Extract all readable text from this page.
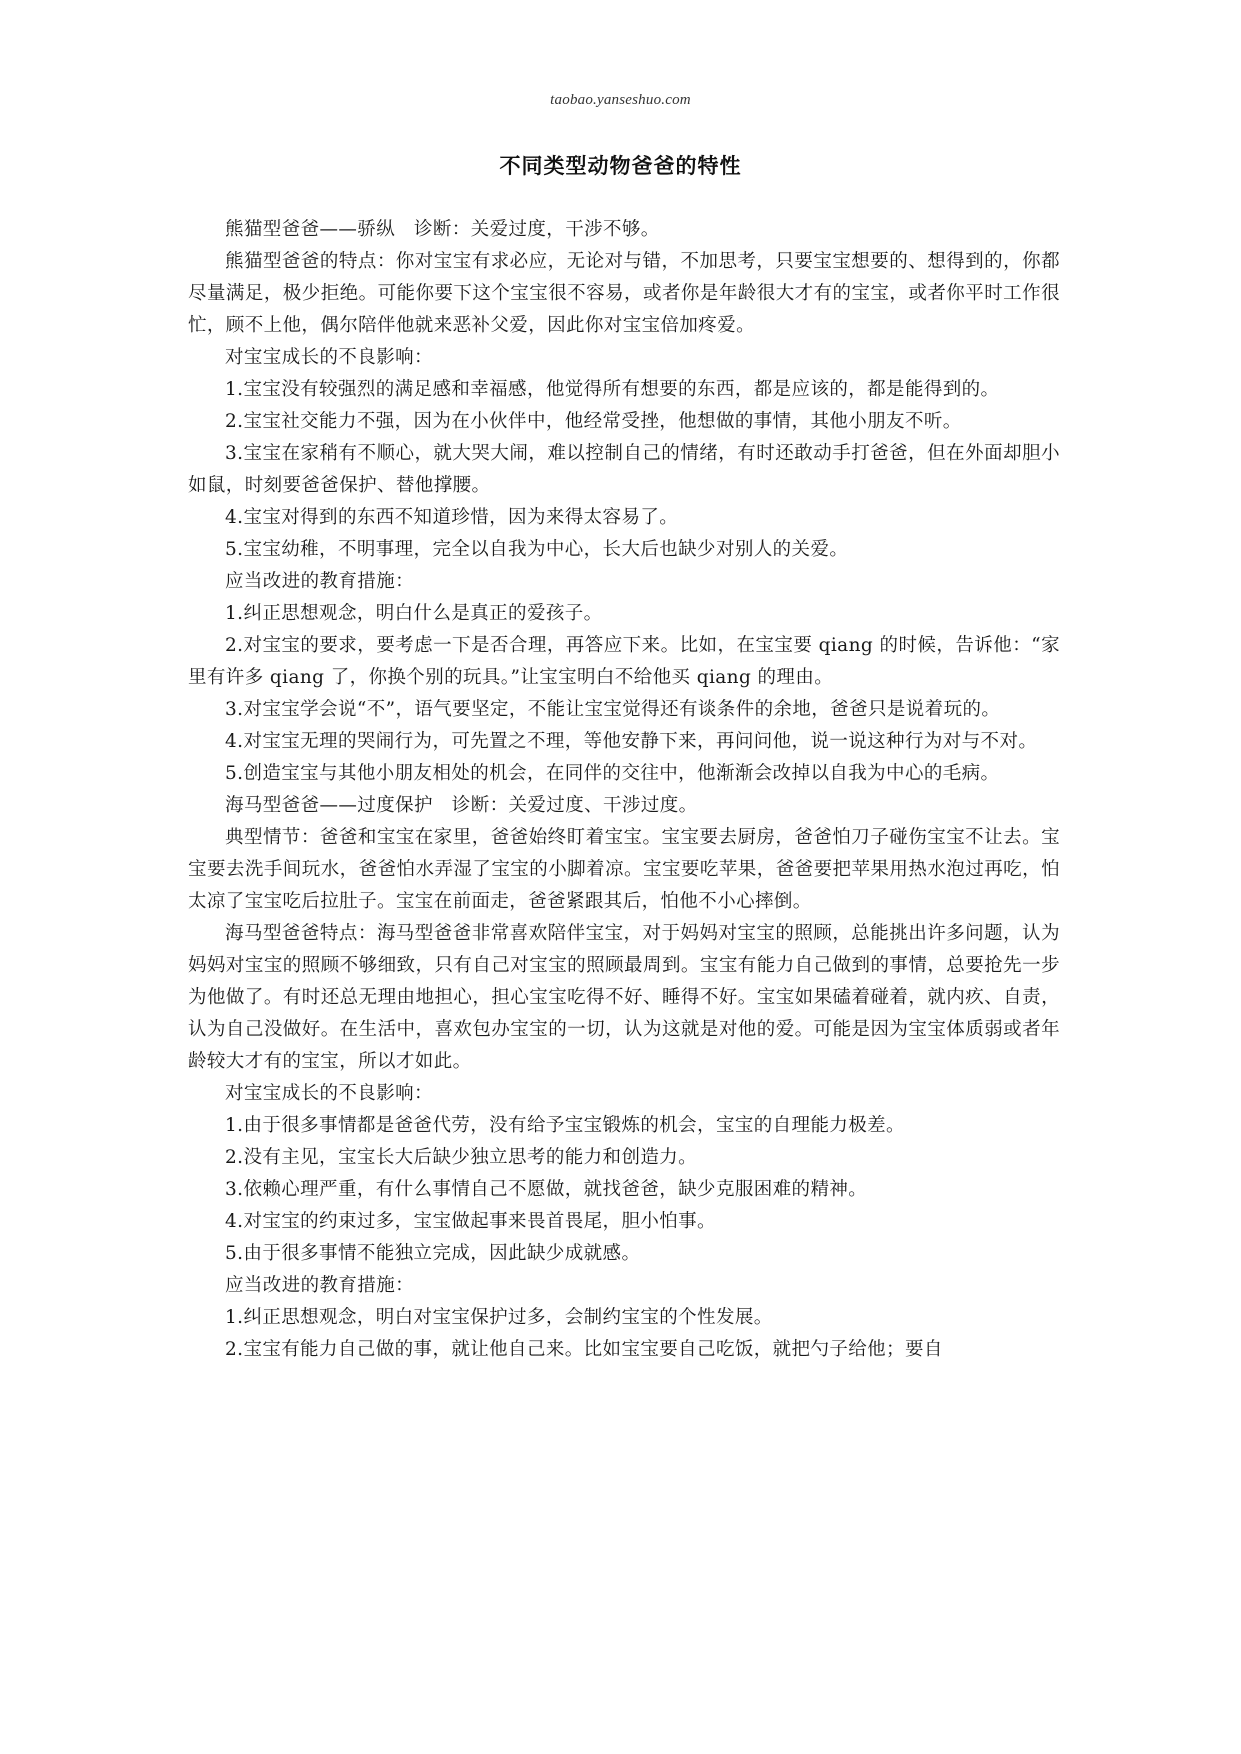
taobao.yanseshuo.com
不同类型动物爸爸的特性

熊猫型爸爸——骄纵　诊断：关爱过度，干涉不够。

熊猫型爸爸的特点：你对宝宝有求必应，无论对与错，不加思考，只要宝宝想要的、想得到的，你都尽量满足，极少拒绝。可能你要下这个宝宝很不容易，或者你是年龄很大才有的宝宝，或者你平时工作很忙，顾不上他，偶尔陪伴他就来恶补父爱，因此你对宝宝倍加疼爱。

对宝宝成长的不良影响：

1.宝宝没有较强烈的满足感和幸福感，他觉得所有想要的东西，都是应该的，都是能得到的。

2.宝宝社交能力不强，因为在小伙伴中，他经常受挫，他想做的事情，其他小朋友不听。

3.宝宝在家稍有不顺心，就大哭大闹，难以控制自己的情绪，有时还敢动手打爸爸，但在外面却胆小如鼠，时刻要爸爸保护、替他撑腰。

4.宝宝对得到的东西不知道珍惜，因为来得太容易了。

5.宝宝幼稚，不明事理，完全以自我为中心，长大后也缺少对别人的关爱。

应当改进的教育措施：

1.纠正思想观念，明白什么是真正的爱孩子。

2.对宝宝的要求，要考虑一下是否合理，再答应下来。比如，在宝宝要 qiang 的时候，告诉他：“家里有许多 qiang 了，你换个别的玩具。”让宝宝明白不给他买 qiang 的理由。

3.对宝宝学会说“不”，语气要坚定，不能让宝宝觉得还有谈条件的余地，爸爸只是说着玩的。

4.对宝宝无理的哭闹行为，可先置之不理，等他安静下来，再问问他，说一说这种行为对与不对。

5.创造宝宝与其他小朋友相处的机会，在同伴的交往中，他渐渐会改掉以自我为中心的毛病。

海马型爸爸——过度保护　诊断：关爱过度、干涉过度。

典型情节：爸爸和宝宝在家里，爸爸始终盯着宝宝。宝宝要去厨房，爸爸怕刀子碰伤宝宝不让去。宝宝要去洗手间玩水，爸爸怕水弄湿了宝宝的小脚着凉。宝宝要吃苹果，爸爸要把苹果用热水泡过再吃，怕太凉了宝宝吃后拉肚子。宝宝在前面走，爸爸紧跟其后，怕他不小心摔倒。

海马型爸爸特点：海马型爸爸非常喜欢陪伴宝宝，对于妈妈对宝宝的照顾，总能挑出许多问题，认为妈妈对宝宝的照顾不够细致，只有自己对宝宝的照顾最周到。宝宝有能力自己做到的事情，总要抢先一步为他做了。有时还总无理由地担心，担心宝宝吃得不好、睡得不好。宝宝如果磕着碰着，就内疚、自责，认为自己没做好。在生活中，喜欢包办宝宝的一切，认为这就是对他的爱。可能是因为宝宝体质弱或者年龄较大才有的宝宝，所以才如此。

对宝宝成长的不良影响：

1.由于很多事情都是爸爸代劳，没有给予宝宝锻炼的机会，宝宝的自理能力极差。

2.没有主见，宝宝长大后缺少独立思考的能力和创造力。

3.依赖心理严重，有什么事情自己不愿做，就找爸爸，缺少克服困难的精神。

4.对宝宝的约束过多，宝宝做起事来畏首畏尾，胆小怕事。

5.由于很多事情不能独立完成，因此缺少成就感。

应当改进的教育措施：

1.纠正思想观念，明白对宝宝保护过多，会制约宝宝的个性发展。

2.宝宝有能力自己做的事，就让他自己来。比如宝宝要自己吃饭，就把勺子给他；要自
